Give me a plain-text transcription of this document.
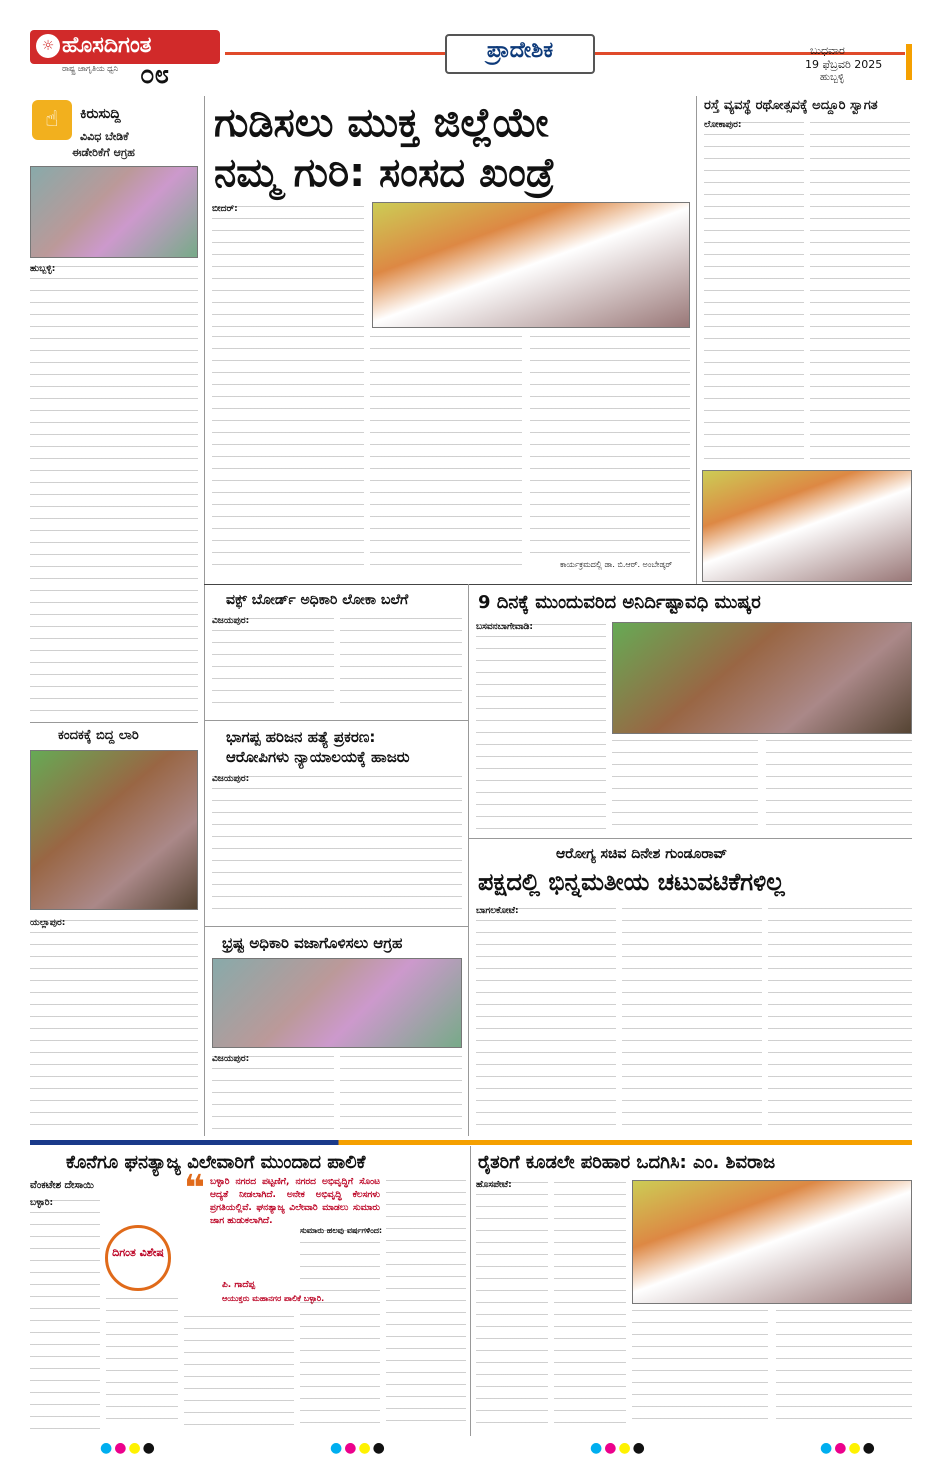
☼ ಹೊಸದಿಗಂತ
ರಾಷ್ಟ್ರ ಜಾಗೃತಿಯ ಧ್ವನಿ ೦೮
ಪ್ರಾದೇಶಿಕ	ಬುಧವಾರ
19 ಫೆಬ್ರವರಿ 2025
ಹುಬ್ಬಳ್ಳಿ
☝	ಕಿರುಸುದ್ದಿ
ವಿವಿಧ ಬೇಡಿಕೆ
ಈಡೇರಿಕೆಗೆ ಆಗ್ರಹ
ಹುಬ್ಬಳ್ಳಿ:
ಕಂದಕಕ್ಕೆ ಬಿದ್ದ ಲಾರಿ
ಯಲ್ಲಾಪುರ:
ಗುಡಿಸಲು ಮುಕ್ತ ಜಿಲ್ಲೆಯೇ
ನಮ್ಮ ಗುರಿ: ಸಂಸದ ಖಂಡ್ರೆ
ಬೀದರ್:
ಕಾರ್ಯಕ್ರಮದಲ್ಲಿ ಡಾ. ಬಿ.ಆರ್. ಅಂಬೇಡ್ಕರ್
ರಸ್ತೆ ವ್ಯವಸ್ಥೆ ರಥೋತ್ಸವಕ್ಕೆ ಅದ್ದೂರಿ ಸ್ವಾಗತ
ಲೋಕಾಪುರ:
ವಕ್ಫ್ ಬೋರ್ಡ್ ಅಧಿಕಾರಿ ಲೋಕಾ ಬಲೆಗೆ
ವಿಜಯಪುರ:
9 ದಿನಕ್ಕೆ ಮುಂದುವರಿದ ಅನಿರ್ದಿಷ್ಟಾವಧಿ ಮುಷ್ಕರ
ಬಸವನಬಾಗೇವಾಡಿ:
ಭಾಗಪ್ಪ ಹರಿಜನ ಹತ್ಯೆ ಪ್ರಕರಣ:
ಆರೋಪಿಗಳು ನ್ಯಾಯಾಲಯಕ್ಕೆ ಹಾಜರು
ವಿಜಯಪುರ:
ಆರೋಗ್ಯ ಸಚಿವ ದಿನೇಶ ಗುಂಡೂರಾವ್
ಪಕ್ಷದಲ್ಲಿ ಭಿನ್ನಮತೀಯ ಚಟುವಟಿಕೆಗಳಿಲ್ಲ
ಬಾಗಲಕೋಟೆ:
ಭ್ರಷ್ಟ ಅಧಿಕಾರಿ ವಜಾಗೊಳಿಸಲು ಆಗ್ರಹ
ವಿಜಯಪುರ:
ಕೊನೆಗೂ ಘನತ್ಯಾಜ್ಯ ವಿಲೇವಾರಿಗೆ ಮುಂದಾದ ಪಾಲಿಕೆ
ವೆಂಕಟೇಶ ದೇಸಾಯಿ
ಬಳ್ಳಾರಿ:
ದಿಗಂತ ವಿಶೇಷ
❝ ಬಳ್ಳಾರಿ ನಗರದ ಪಟ್ಟಣಿಗೆ, ನಗರದ ಅಭಿವೃದ್ಧಿಗೆ ಸೊಂಟ ಆದ್ಯತೆ ನೀಡಲಾಗಿದೆ. ಅನೇಕ ಅಭಿವೃದ್ಧಿ ಕೆಲಸಗಳು ಪ್ರಗತಿಯಲ್ಲಿವೆ. ಘನತ್ಯಾಜ್ಯ ವಿಲೇವಾರಿ ಮಾಡಲು ಸುಮಾರು ಜಾಗ ಹುಡುಕಲಾಗಿದೆ.
ಪಿ. ಗಾದೆಪ್ಪ
ಆಯುಕ್ತರು ಮಹಾನಗರ ಪಾಲಿಕೆ ಬಳ್ಳಾರಿ.
ಸುಮಾರು ಹಲವು ವರ್ಷಗಳಿಂದ:
ರೈತರಿಗೆ ಕೂಡಲೇ ಪರಿಹಾರ ಒದಗಿಸಿ: ಎಂ. ಶಿವರಾಜ
ಹೊಸಪೇಟೆ:
●●●●	●●●●	●●●●	●●●●
